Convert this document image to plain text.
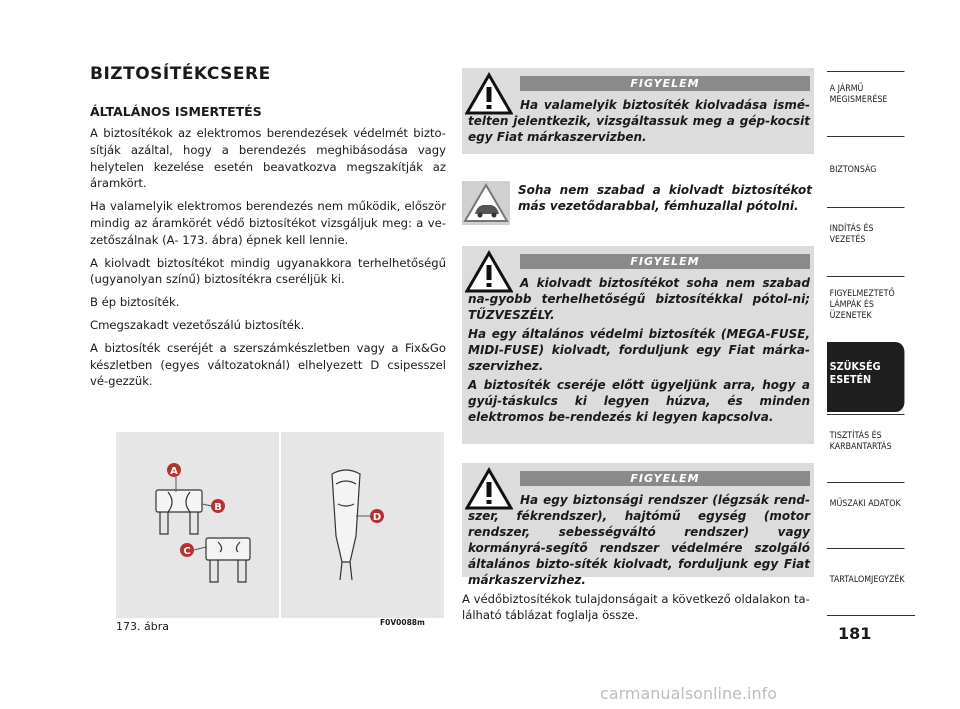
BIZTOSÍTÉKCSERE
ÁLTALÁNOS ISMERTETÉS

A biztosítékok az elektromos berendezések védelmét bizto-sítják azáltal, hogy a berendezés meghibásodása vagy helytelen kezelése esetén beavatkozva megszakítják az áramkört.

Ha valamelyik elektromos berendezés nem működik, először mindig az áramkörét védő biztosítékot vizsgáljuk meg: a ve-zetőszálnak (A- 173. ábra) épnek kell lennie.

A kiolvadt biztosítékot mindig ugyanakkora terhelhetőségű (ugyanolyan színű) biztosítékra cseréljük ki.

B ép biztosíték.

Cmegszakadt vezetőszálú biztosíték.

A biztosíték cseréjét a szerszámkészletben vagy a Fix&Go készletben (egyes változatoknál) elhelyezett D csipesszel vé-gezzük.

A
B
C
D
173. ábra	F0V0088m
FIGYELEM
Ha valamelyik biztosíték kiolvadása ismé-telten jelentkezik, vizsgáltassuk meg a gép-kocsit egy Fiat márkaszervizben.
Soha nem szabad a kiolvadt biztosítékot más vezetődarabbal, fémhuzallal pótolni.
FIGYELEM

A kiolvadt biztosítékot soha nem szabad na-gyobb terhelhetőségű biztosítékkal pótol-ni; TŰZVESZÉLY.

Ha egy általános védelmi biztosíték (MEGA-FUSE, MIDI-FUSE) kiolvadt, forduljunk egy Fiat márka-szervizhez.

A biztosíték cseréje előtt ügyeljünk arra, hogy a gyúj-táskulcs ki legyen húzva, és minden elektromos be-rendezés ki legyen kapcsolva.

FIGYELEM
Ha egy biztonsági rendszer (légzsák rend-szer, fékrendszer), hajtómű egység (motor rendszer, sebességváltó rendszer) vagy kormányrá-segítő rendszer védelmére szolgáló általános bizto-síték kiolvadt, forduljunk egy Fiat márkaszervizhez.
A védőbiztosítékok tulajdonságait a következő oldalakon ta-lálható táblázat foglalja össze.
A JÁRMŰ MEGISMERÉSE
BIZTONSÁG
INDÍTÁS ÉS VEZETÉS
FIGYELMEZTETŐ LÁMPÁK ÉS ÜZENETEK
SZÜKSÉG ESETÉN
TISZTÍTÁS ÉS KARBANTARTÁS
MŰSZAKI ADATOK
TARTALOMJEGYZÉK
181
carmanualsonline.info
